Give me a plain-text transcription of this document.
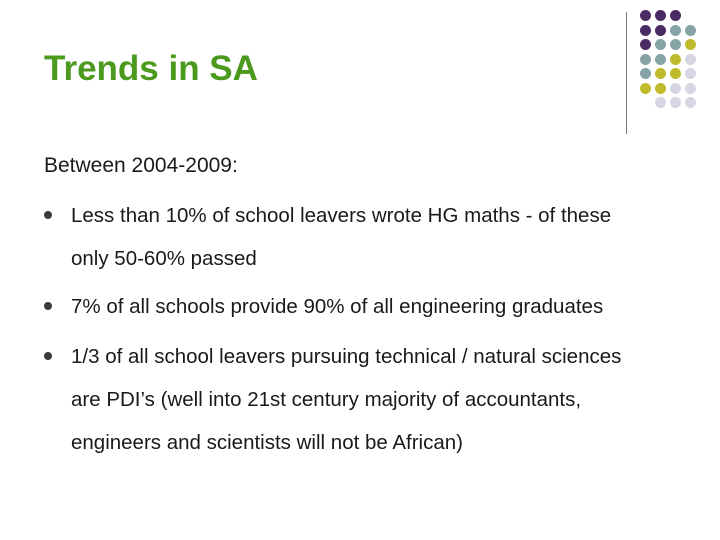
Trends in SA

Between 2004-2009:

Less than 10% of school leavers wrote HG maths - of these
only 50-60% passed

7% of all schools provide 90% of all engineering graduates

1/3 of all school leavers pursuing technical / natural sciences
are PDI’s (well into 21st century majority of accountants,
engineers and scientists will not be African)
